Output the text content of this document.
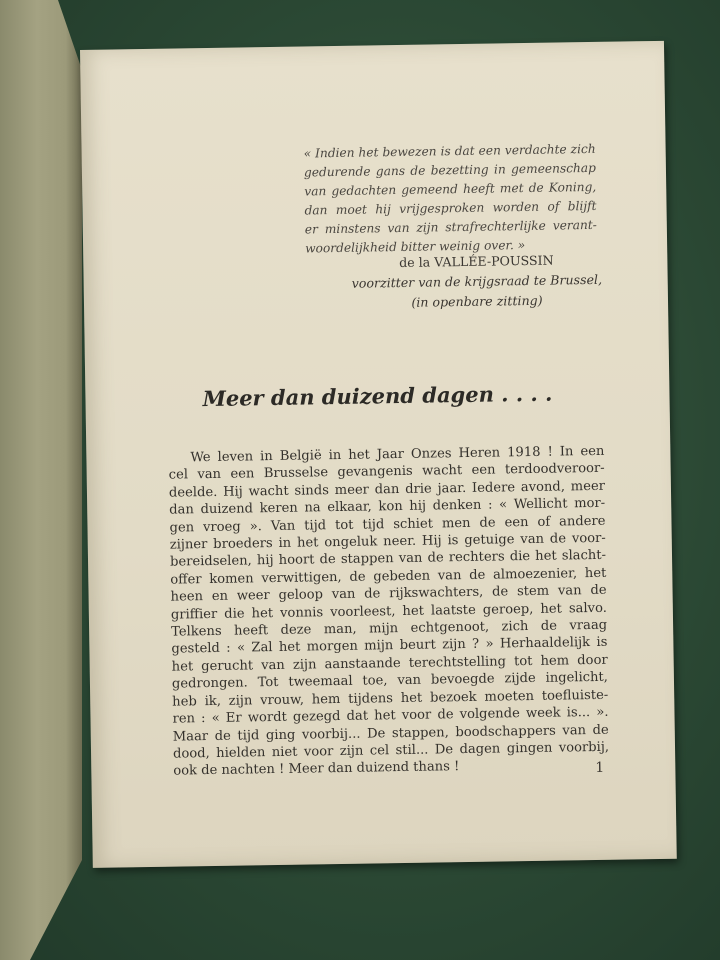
« Indien het bewezen is dat een verdachte zich
gedurende gans de bezetting in gemeenschap
van gedachten gemeend heeft met de Koning,
dan moet hij vrijgesproken worden of blijft
er minstens van zijn strafrechterlijke verant-
woordelijkheid bitter weinig over. »
de la VALLÉE-POUSSIN
voorzitter van de krijgsraad te Brussel,
(in openbare zitting)
Meer dan duizend dagen . . . .
We leven in België in het Jaar Onzes Heren 1918 ! In een
cel van een Brusselse gevangenis wacht een terdoodveroor-
deelde. Hij wacht sinds meer dan drie jaar. Iedere avond, meer
dan duizend keren na elkaar, kon hij denken : « Wellicht mor-
gen vroeg ». Van tijd tot tijd schiet men de een of andere
zijner broeders in het ongeluk neer. Hij is getuige van de voor-
bereidselen, hij hoort de stappen van de rechters die het slacht-
offer komen verwittigen, de gebeden van de almoezenier, het
heen en weer geloop van de rijkswachters, de stem van de
griffier die het vonnis voorleest, het laatste geroep, het salvo.
Telkens heeft deze man, mijn echtgenoot, zich de vraag
gesteld : « Zal het morgen mijn beurt zijn ? » Herhaaldelijk is
het gerucht van zijn aanstaande terechtstelling tot hem door
gedrongen. Tot tweemaal toe, van bevoegde zijde ingelicht,
heb ik, zijn vrouw, hem tijdens het bezoek moeten toefluiste-
ren : « Er wordt gezegd dat het voor de volgende week is... ».
Maar de tijd ging voorbij... De stappen, boodschappers van de
dood, hielden niet voor zijn cel stil... De dagen gingen voorbij,
ook de nachten ! Meer dan duizend thans !	1
